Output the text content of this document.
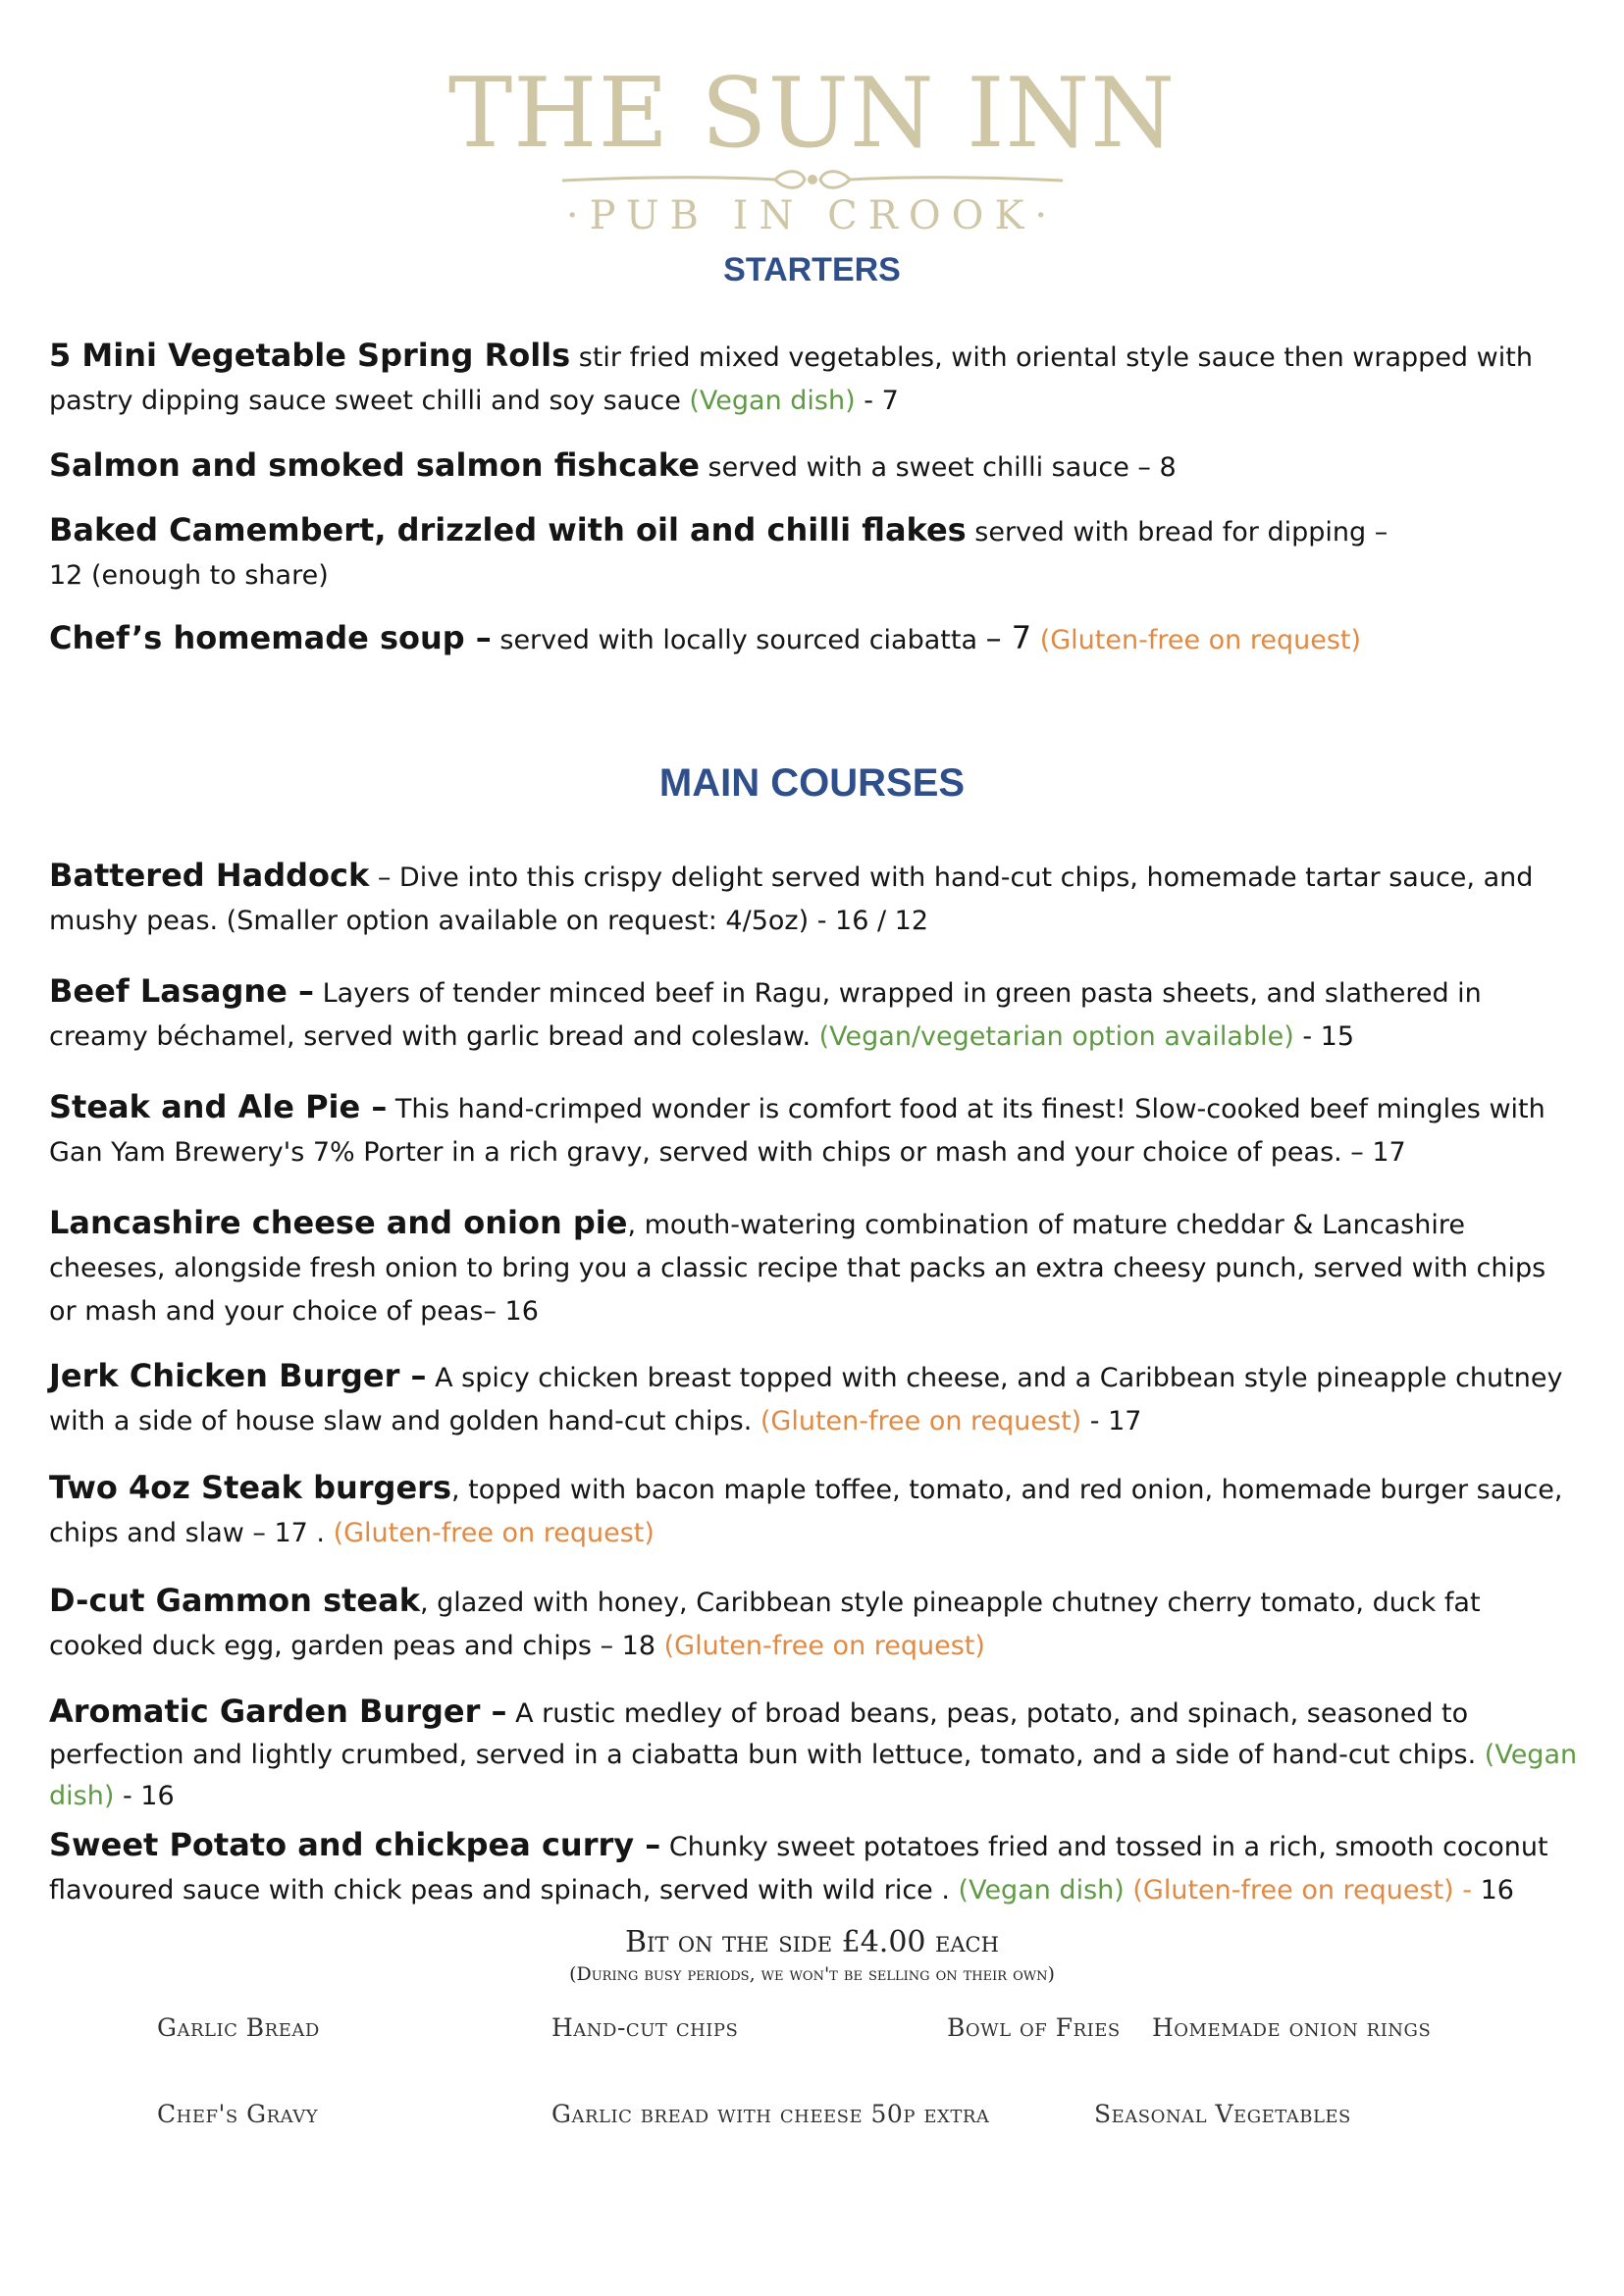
THE SUN INN
·PUB IN CROOK·
STARTERS
5 Mini Vegetable Spring Rolls stir fried mixed vegetables, with oriental style sauce then wrapped with pastry dipping sauce sweet chilli and soy sauce (Vegan dish) - 7
Salmon and smoked salmon fishcake served with a sweet chilli sauce – 8
Baked Camembert, drizzled with oil and chilli flakes served with bread for dipping – 12 (enough to share)
Chef’s homemade soup – served with locally sourced ciabatta – 7 (Gluten-free on request)
MAIN COURSES
Battered Haddock – Dive into this crispy delight served with hand-cut chips, homemade tartar sauce, and mushy peas. (Smaller option available on request: 4/5oz) - 16 / 12
Beef Lasagne – Layers of tender minced beef in Ragu, wrapped in green pasta sheets, and slathered in creamy béchamel, served with garlic bread and coleslaw. (Vegan/vegetarian option available) - 15
Steak and Ale Pie – This hand-crimped wonder is comfort food at its finest! Slow-cooked beef mingles with Gan Yam Brewery's 7% Porter in a rich gravy, served with chips or mash and your choice of peas. – 17
Lancashire cheese and onion pie, mouth-watering combination of mature cheddar & Lancashire cheeses, alongside fresh onion to bring you a classic recipe that packs an extra cheesy punch, served with chips or mash and your choice of peas– 16
Jerk Chicken Burger – A spicy chicken breast topped with cheese, and a Caribbean style pineapple chutney with a side of house slaw and golden hand-cut chips. (Gluten-free on request) - 17
Two 4oz Steak burgers, topped with bacon maple toffee, tomato, and red onion, homemade burger sauce, chips and slaw – 17 . (Gluten-free on request)
D-cut Gammon steak, glazed with honey, Caribbean style pineapple chutney cherry tomato, duck fat cooked duck egg, garden peas and chips – 18 (Gluten-free on request)
Aromatic Garden Burger – A rustic medley of broad beans, peas, potato, and spinach, seasoned to perfection and lightly crumbed, served in a ciabatta bun with lettuce, tomato, and a side of hand-cut chips. (Vegan dish) - 16
Sweet Potato and chickpea curry – Chunky sweet potatoes fried and tossed in a rich, smooth coconut flavoured sauce with chick peas and spinach, served with wild rice . (Vegan dish) (Gluten-free on request) - 16
Bit on the side £4.00 each
(During busy periods, we won't be selling on their own)
Garlic Bread	Hand-cut chips	Bowl of Fries Homemade onion rings
Chef's Gravy	Garlic bread with cheese 50p extra	Seasonal Vegetables
